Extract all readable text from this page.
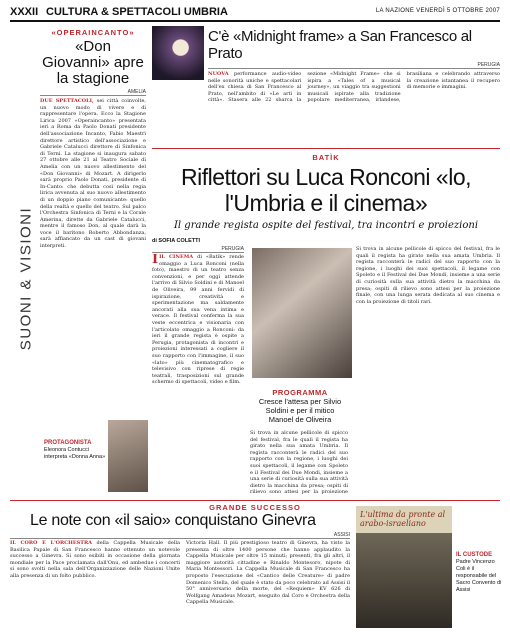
XXXII CULTURA & SPETTACOLI UMBRIA	LA NAZIONE VENERDÌ 5 OTTOBRE 2007
SUONI & VISIONI
«OPERAINCANTO»
«Don Giovanni» apre la stagione
AMELIA
DUE SPETTACOLI, sei città coinvolte, un nuovo modo di vivere e di rappresentare l'opera. Ecco la Stagione Lirica 2007 «Operaincanto» presentata ieri a Roma da Paolo Donati presidente dell'associazione Incanto, Fabio Maestri direttore artistico dell'associazione e Gabriele Catalucci direttore di Sinfonica di Terni. La stagione si inaugura sabato 27 ottobre alle 21 al Teatro Sociale di Amelia con un nuovo allestimento del «Don Giovanni» di Mozart. A dirigerlo sarà proprio Paolo Donati, presidente di In-Canto: che debutta così nella regia lirica avvenuta al suo nuovo allestimento di un doppio piano comunicante: quello della realtà e quello del teatro. Sul palco l'Orchestra Sinfonica di Terni e la Corale Amerina, dirette da Gabriele Catalucci, mentre il famoso Don, al quale darà la voce il baritono Roberto Abbondanza, sarà affiancato da un cast di giovani interpreti.
PROTAGONISTA
Eleonora Contucci interpreta «Donna Anna»
C'è «Midnight frame» a San Francesco al Prato
PERUGIA
NUOVA performance audio-video nelle sonorità uniche e spettacolari dell'ex chiesa di San Francesco al Prato, nell'ambito di «Le arti in città». Stasera alle 22 sbarca la sezione «Midnight Frame» che si ispira a «Tales of a musical journey», un viaggio tra suggestioni musicali ispirate alla tradizione popolare mediterranea, irlandese, brasiliana e celebrando attraverso la creazione istantanea il recupero di memorie e immagini.
BATÌK
Riflettori su Luca Ronconi «lo, l'Umbria e il cinema»
Il grande regista ospite del festival, tra incontri e proiezioni
di SOFIA COLETTI
PERUGIA
IIL CINEMA di «Batìk» rende omaggio a Luca Ronconi (nella foto), maestro di un teatro senza convenzioni, e per oggi attende l'arrivo di Silvio Soldini e di Manoel de Oliveira, 99 anni fervidi di ispirazione, creatività e sperimentazione ma saldamente ancorati alla sua vena intima e verace. Il festival conferma la sua veste eccentrica e visionaria con l'articolato omaggio a Ronconi: da ieri il grande regista è ospite a Perugia, protagonista di incontri e proiezioni interessati a cogliere il suo rapporto con l'immagine, il suo «lato» più cinematografico e televisivo con riprese di regie teatrali, trasposizioni sul grande schermo di spettacoli, video e film.
PROGRAMMA
Cresce l'attesa per Silvio Soldini e per il mitico Manoel de Oliveira
Si trova in alcune pellicole di spicco del festival, fra le quali il regista ha girato nella sua amata Umbria. Il regista racconterà le radici del suo rapporto con la regione, i luoghi dei suoi spettacoli, il legame con Spoleto e il Festival dei Due Mondi, insieme a una serie di curiosità sulla sua attività dietro la macchina da presa; ospiti di rilievo sono attesi per la proiezione
Si trova in alcune pellicole di spicco del festival, fra le quali il regista ha girato nella sua amata Umbria. Il regista racconterà le radici del suo rapporto con la regione, i luoghi dei suoi spettacoli, il legame con Spoleto e il Festival dei Due Mondi, insieme a una serie di curiosità sulla sua attività dietro la macchina da presa; ospiti di rilievo sono attesi per la proiezione finale, con una lunga serata dedicata al suo cinema e con la proiezione di titoli rari.
GRANDE SUCCESSO
Le note con «il saio» conquistano Ginevra
ASSISI
IL CORO E L'ORCHESTRA della Cappella Musicale della Basilica Papale di San Francesco hanno ottenuto un notevole successo a Ginevra. Si sono esibiti in occasione della giornata mondiale per la Pace proclamata dall'Onu, ed ambedue i concerti si sono svolti nella sala dell'Organizzazione delle Nazioni Unite alla presenza di un folto pubblico.
Victoria Hall. Il più prestigioso teatro di Ginevra, ha visto la presenza di oltre 1400 persone che hanno applaudito la Cappella Musicale per oltre 15 minuti; presenti, fra gli altri, il maggiore autorità cittadine e Rinaldo Montesoro, nipote di Maria Montessori. La Cappella Musicale di San Francesco ha proposto l'esecuzione del «Cantico delle Creature» di padre Domenico Stella, del quale è stato da poco celebrato ad Assisi il 50° anniversario della morte, del «Requiem» KV 626 di Wolfgang Amadeus Mozart, eseguito dal Coro e Orchestra della Cappella Musicale.
L'ultima da pronte al arabo-israeliano
IL CUSTODE
Padre Vincenzo Coli è il responsabile del Sacro Convento di Assisi
